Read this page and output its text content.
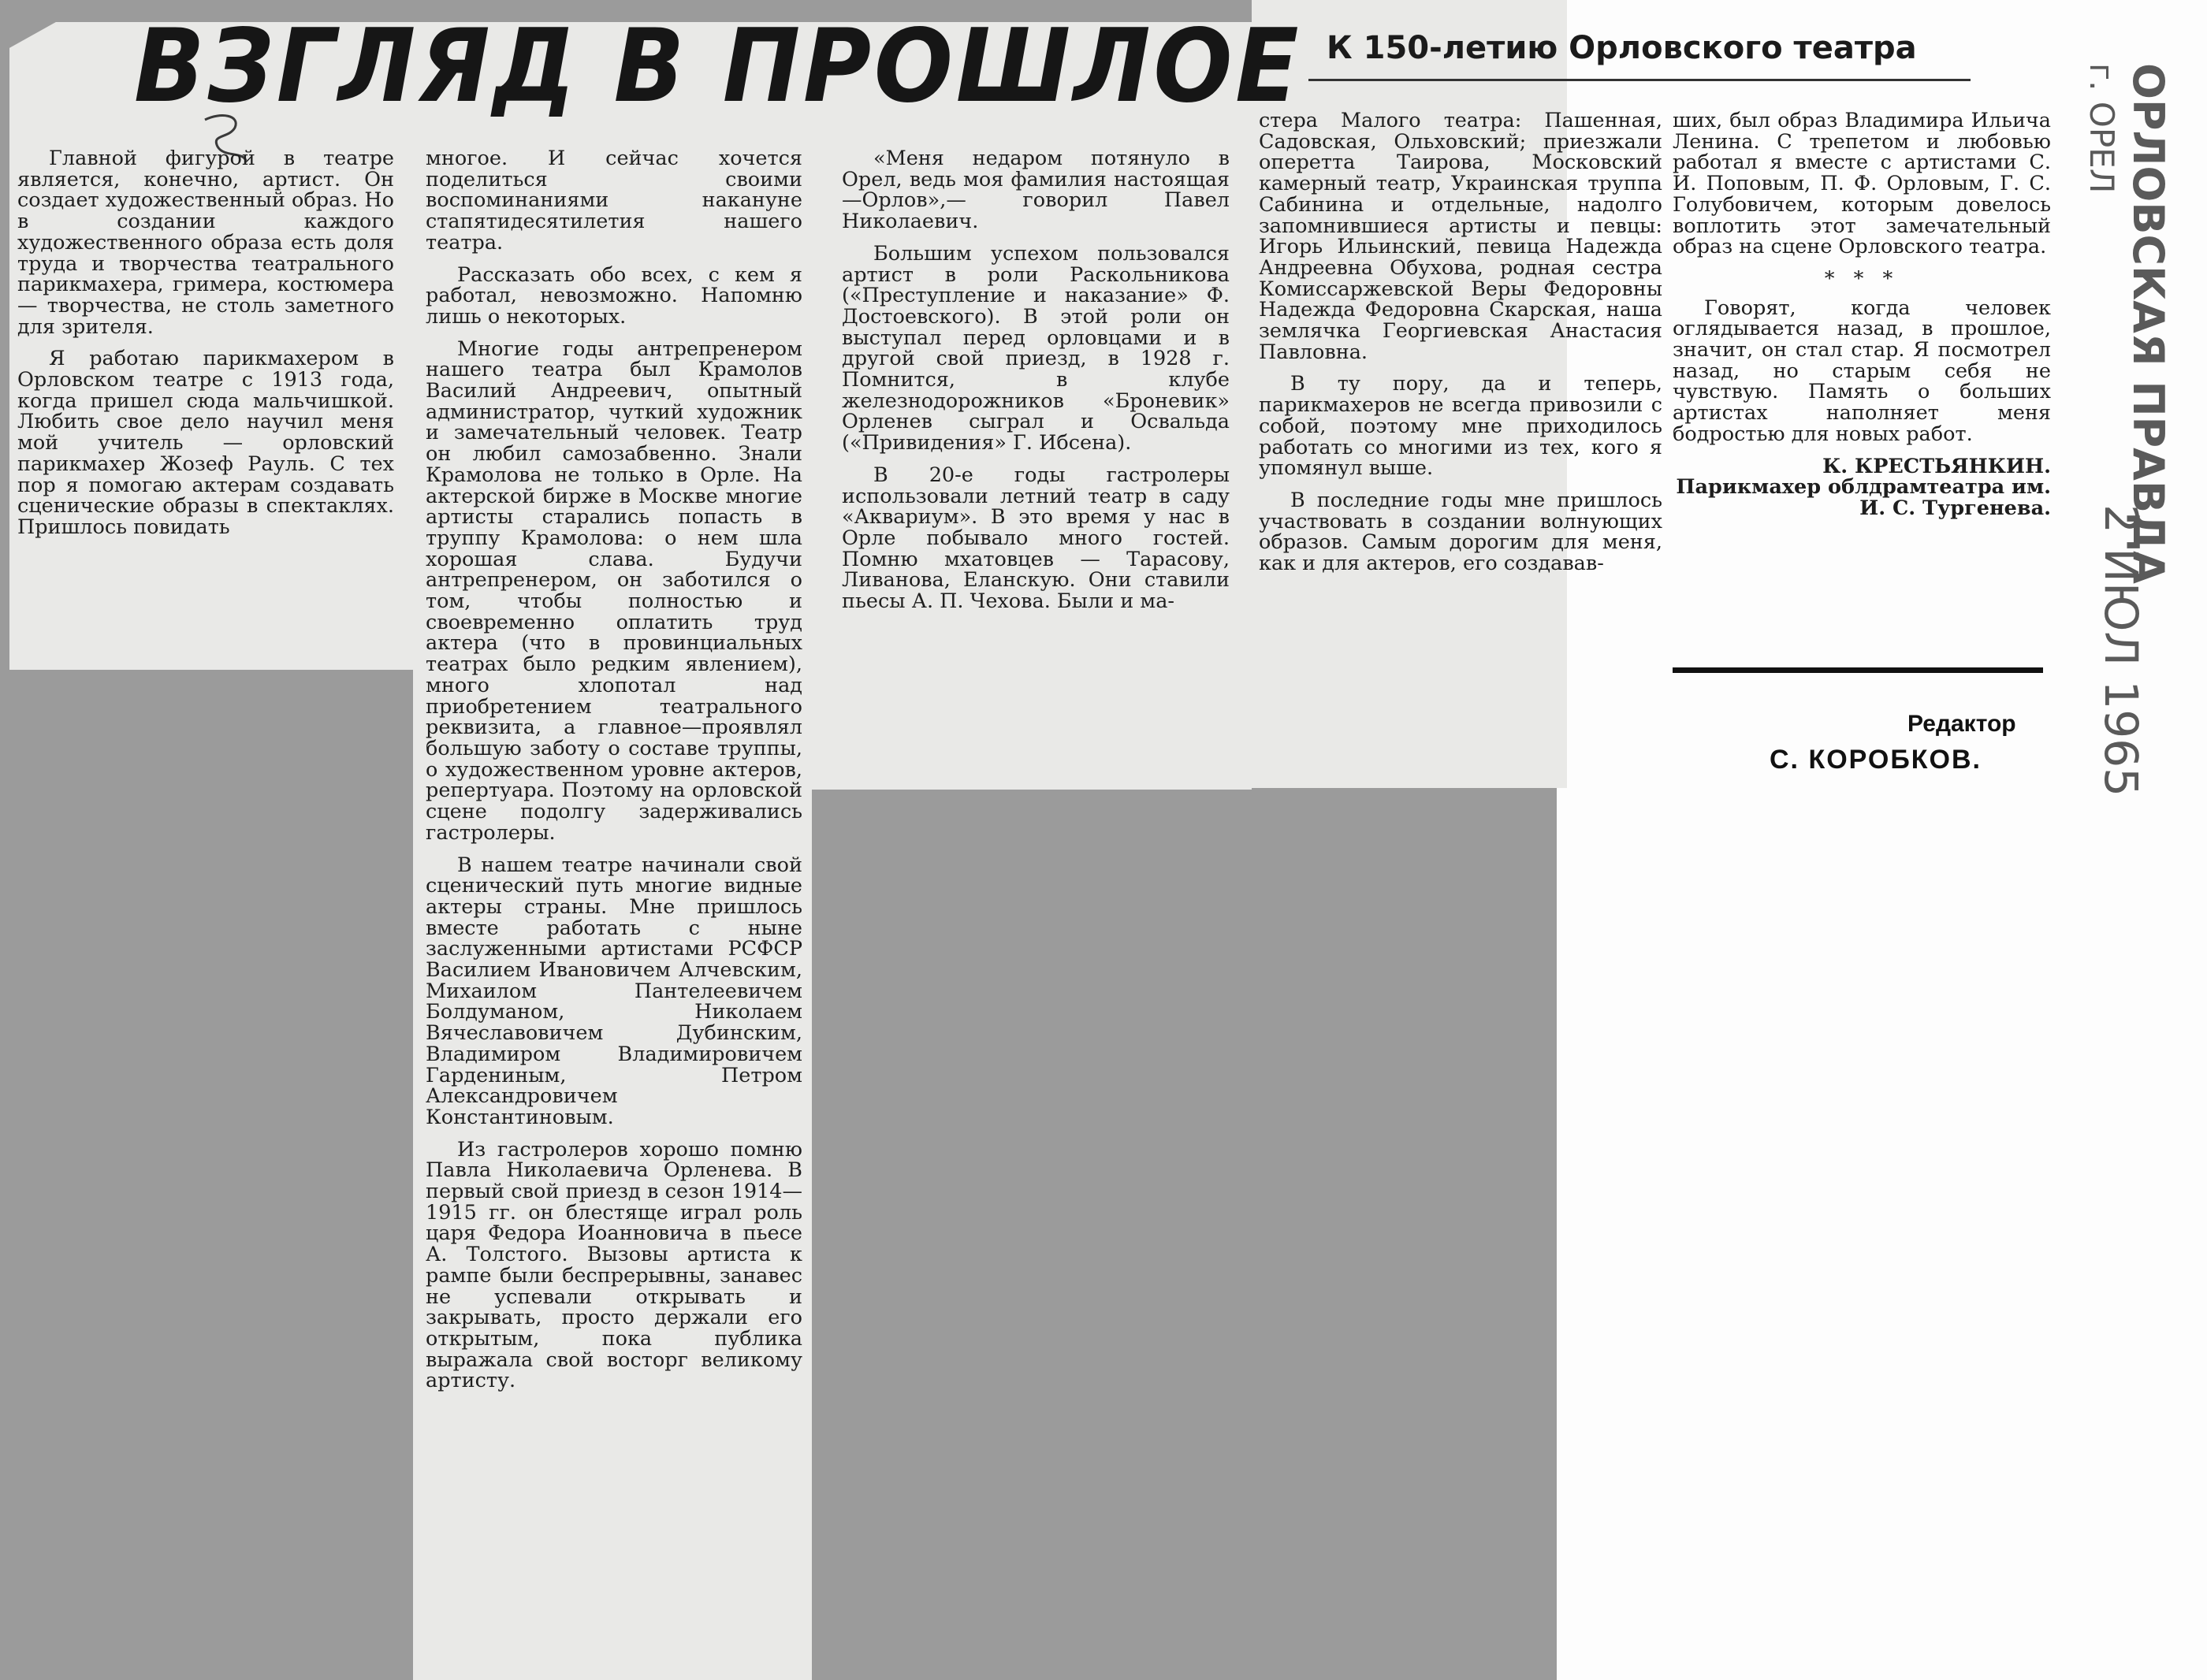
ВЗГЛЯД В ПРОШЛОЕ К 150-летию Орловского театра

Главной фигурой в театре является, конечно, артист. Он создает художественный образ. Но в создании каждого художественного образа есть доля труда и творчества театрального парикмахера, гримера, костюмера — творчества, не столь заметного для зрителя.

Я работаю парикмахером в Орловском театре с 1913 года, когда пришел сюда мальчишкой. Любить свое дело научил меня мой учитель — орловский парикмахер Жозеф Рауль. С тех пор я помогаю актерам создавать сценические образы в спектаклях. Пришлось повидать

многое. И сейчас хочется поделиться своими воспоминаниями накануне стапятидесятилетия нашего театра.

Рассказать обо всех, с кем я работал, невозможно. Напомню лишь о некоторых.

Многие годы антрепренером нашего театра был Крамолов Василий Андреевич, опытный администратор, чуткий художник и замечательный человек. Театр он любил самозабвенно. Знали Крамолова не только в Орле. На актерской бирже в Москве многие артисты старались попасть в труппу Крамолова: о нем шла хорошая слава. Будучи антрепренером, он заботился о том, чтобы полностью и своевременно оплатить труд актера (что в провинциальных театрах было редким явлением), много хлопотал над приобретением театрального реквизита, а главное—проявлял большую заботу о составе труппы, о художественном уровне актеров, репертуара. Поэтому на орловской сцене подолгу задерживались гастролеры.

В нашем театре начинали свой сценический путь многие видные актеры страны. Мне пришлось вместе работать с ныне заслуженными артистами РСФСР Василием Ивановичем Алчевским, Михаилом Пантелеевичем Болдуманом, Николаем Вячеславовичем Дубинским, Владимиром Владимировичем Гардениным, Петром Александровичем Константиновым.

Из гастролеров хорошо помню Павла Николаевича Орленева. В первый свой приезд в сезон 1914—1915 гг. он блестяще играл роль царя Федора Иоанновича в пьесе А. Толстого. Вызовы артиста к рампе были беспрерывны, занавес не успевали открывать и закрывать, просто держали его открытым, пока публика выражала свой восторг великому артисту.

«Меня недаром потянуло в Орел, ведь моя фамилия настоящая—Орлов»,— говорил Павел Николаевич.

Большим успехом пользовался артист в роли Раскольникова («Преступление и наказание» Ф. Достоевского). В этой роли он выступал перед орловцами и в другой свой приезд, в 1928 г. Помнится, в клубе железнодорожников «Броневик» Орленев сыграл и Освальда («Привидения» Г. Ибсена).

В 20-е годы гастролеры использовали летний театр в саду «Аквариум». В это время у нас в Орле побывало много гостей. Помню мхатовцев — Тарасову, Ливанова, Еланскую. Они ставили пьесы А. П. Чехова. Были и ма-

стера Малого театра: Пашенная, Садовская, Ольховский; приезжали оперетта Таирова, Московский камерный театр, Украинская труппа Сабинина и отдельные, надолго запомнившиеся артисты и певцы: Игорь Ильинский, певица Надежда Андреевна Обухова, родная сестра Комиссаржевской Веры Федоровны Надежда Федоровна Скарская, наша землячка Георгиевская Анастасия Павловна.

В ту пору, да и теперь, парикмахеров не всегда привозили с собой, поэтому мне приходилось работать со многими из тех, кого я упомянул выше.

В последние годы мне пришлось участвовать в создании волнующих образов. Самым дорогим для меня, как и для актеров, его создавав-

ших, был образ Владимира Ильича Ленина. С трепетом и любовью работал я вместе с артистами С. И. Поповым, П. Ф. Орловым, Г. С. Голубовичем, которым довелось воплотить этот замечательный образ на сцене Орловского театра.

* * *

Говорят, когда человек оглядывается назад, в прошлое, значит, он стал стар. Я посмотрел назад, но старым себя не чувствую. Память о больших артистах наполняет меня бодростью для новых работ.

К. КРЕСТЬЯНКИН.
Парикмахер облдрамтеатра им. И. С. Тургенева.
Редактор
С. КОРОБКОВ.
ОРЛОВСКАЯ ПРАВДА
г. ОРЕЛ
2 ИЮЛ 1965
